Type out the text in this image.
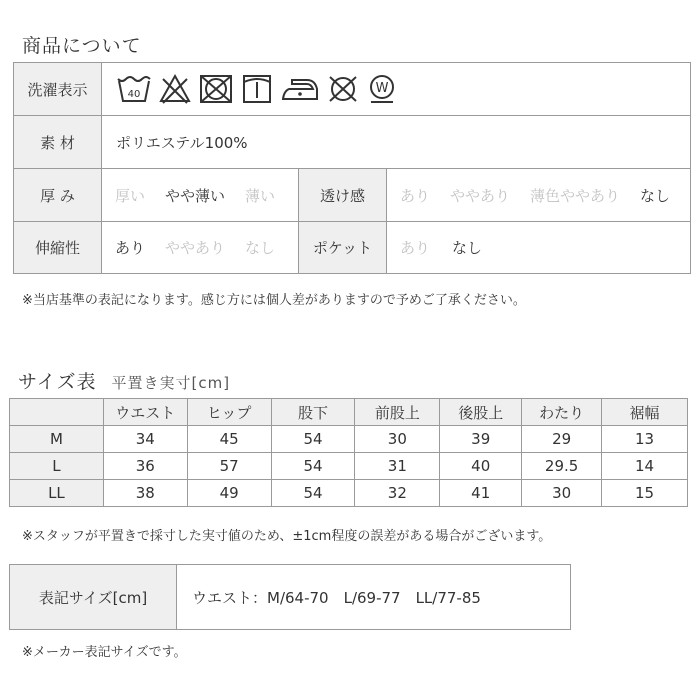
商品について
洗濯表示	40	W
素 材	ポリエステル100%
厚 み	厚い やや薄い 薄い	透け感	あり ややあり 薄色ややあり なし
伸縮性	あり ややあり なし	ポケット	あり なし
※当店基準の表記になります。感じ方には個人差がありますので予めご了承ください。
サイズ表 平置き実寸[cm]
	ウエスト	ヒップ	股下	前股上	後股上	わたり	裾幅
M	34	45	54	30	39	29	13
L	36	57	54	31	40	29.5	14
LL	38	49	54	32	41	30	15
※スタッフが平置きで採寸した実寸値のため、±1cm程度の誤差がある場合がございます。
表記サイズ[cm]	ウエスト：M/64-70　L/69-77　LL/77-85
※メーカー表記サイズです。
